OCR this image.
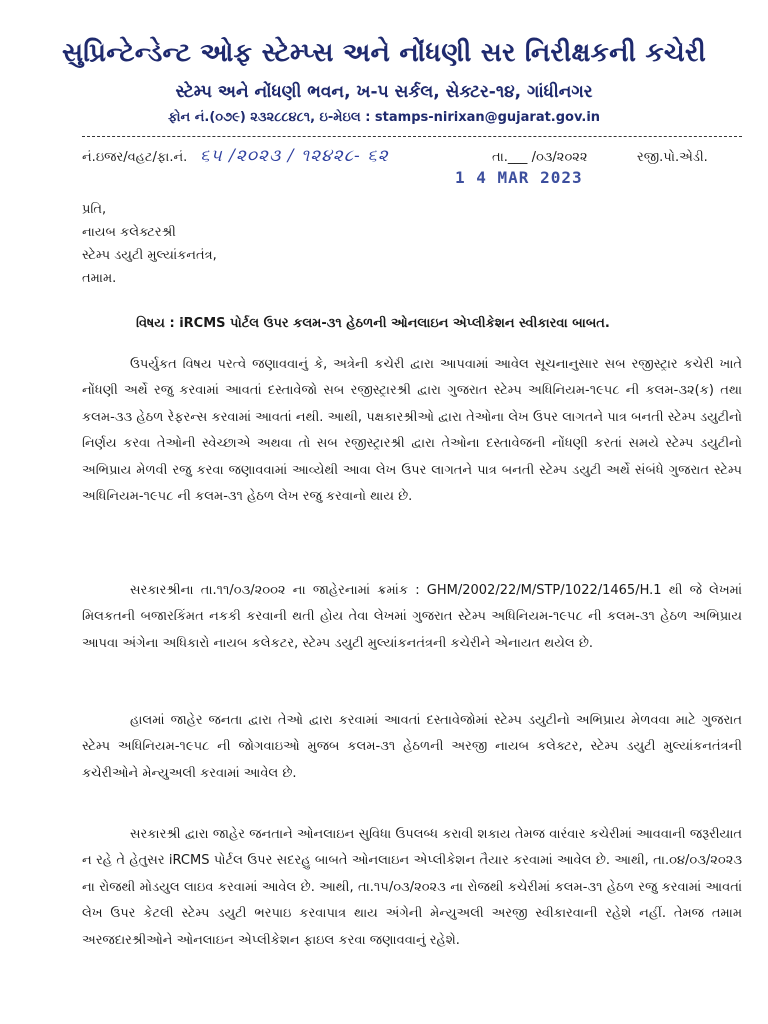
સુપ્રિન્ટેન્ડેન્ટ ઓફ સ્ટેમ્પ્સ અને નોંધણી સર નિરીક્ષકની કચેરી
સ્ટેમ્પ અને નોંધણી ભવન, ખ-૫ સર્કલ, સેક્ટર-૧૪, ગાંધીનગર
ફોન નં.(૦૭૯) ૨૩૨૮૮૪૮૧, ઇ-મેઇલ : stamps-nirixan@gujarat.gov.in
નં.ઇજર/વહટ/ફા.નં. ૬૫ /૨૦૨૩ / ૧૨૪૨૮- ૬૨	તા.___ /૦૩/૨૦૨૨	રજી.પો.એડી.
1 4 MAR 2023
પ્રતિ,
નાયબ કલેક્ટરશ્રી
સ્ટેમ્પ ડયુટી મુલ્યાંકનતંત્ર,
તમામ.
વિષય : iRCMS પોર્ટલ ઉપર કલમ-૩૧ હેઠળની ઓનલાઇન એપ્લીકેશન સ્વીકારવા બાબત.

ઉપર્યુકત વિષય પરત્વે જણાવવાનું કે, અત્રેની કચેરી દ્વારા આપવામાં આવેલ સૂચનાનુસાર સબ રજીસ્ટ્રાર કચેરી ખાતે નોંધણી અર્થે રજુ કરવામાં આવતાં દસ્તાવેજો સબ રજીસ્ટ્રારશ્રી દ્વારા ગુજરાત સ્ટેમ્પ અધિનિયમ-૧૯૫૮ ની કલમ-૩૨(ક) તથા કલમ-૩૩ હેઠળ રેફરન્સ કરવામાં આવતાં નથી. આથી, પક્ષકારશ્રીઓ દ્વારા તેઓના લેખ ઉપર લાગતને પાત્ર બનતી સ્ટેમ્પ ડયુટીનો નિર્ણય કરવા તેઓની સ્વેચ્છાએ અથવા તો સબ રજીસ્ટ્રારશ્રી દ્વારા તેઓના દસ્તાવેજની નોંધણી કરતાં સમયે સ્ટેમ્પ ડયુટીનો અભિપ્રાય મેળવી રજુ કરવા જણાવવામાં આવ્યેથી આવા લેખ ઉપર લાગતને પાત્ર બનતી સ્ટેમ્પ ડયુટી અર્થે સંબંધે ગુજરાત સ્ટેમ્પ અધિનિયમ-૧૯૫૮ ની કલમ-૩૧ હેઠળ લેખ રજુ કરવાનો થાય છે.

સરકારશ્રીના તા.૧૧/૦૩/૨૦૦૨ ના જાહેરનામાં ક્રમાંક : GHM/2002/22/M/STP/1022/1465/H.1 થી જે લેખમાં મિલકતની બજારકિંમત નકકી કરવાની થતી હોય તેવા લેખમાં ગુજરાત સ્ટેમ્પ અધિનિયમ-૧૯૫૮ ની કલમ-૩૧ હેઠળ અભિપ્રાય આપવા અંગેના અધિકારો નાયબ કલેકટર, સ્ટેમ્પ ડયુટી મુલ્યાંકનતંત્રની કચેરીને એનાયત થયેલ છે.

હાલમાં જાહેર જનતા દ્વારા તેઓ દ્વારા કરવામાં આવતાં દસ્તાવેજોમાં સ્ટેમ્પ ડયુટીનો અભિપ્રાય મેળવવા માટે ગુજરાત સ્ટેમ્પ અધિનિયમ-૧૯૫૮ ની જોગવાઇઓ મુજબ કલમ-૩૧ હેઠળની અરજી નાયબ કલેક્ટર, સ્ટેમ્પ ડયુટી મુલ્યાંકનતંત્રની કચેરીઓને મેન્યુઅલી કરવામાં આવેલ છે.

સરકારશ્રી દ્વારા જાહેર જનતાને ઓનલાઇન સુવિધા ઉપલબ્ધ કરાવી શકાય તેમજ વારંવાર કચેરીમાં આવવાની જરૂરીયાત ન રહે તે હેતુસર iRCMS પોર્ટલ ઉપર સદરહુ બાબતે ઓનલાઇન એપ્લીકેશન તૈયાર કરવામાં આવેલ છે. આથી, તા.૦૪/૦૩/૨૦૨૩ ના રોજથી મોડયુલ લાઇવ કરવામાં આવેલ છે. આથી, તા.૧૫/૦૩/૨૦૨૩ ના રોજથી કચેરીમાં કલમ-૩૧ હેઠળ રજુ કરવામાં આવતાં લેખ ઉપર કેટલી સ્ટેમ્પ ડયુટી ભરપાઇ કરવાપાત્ર થાય અંગેની મેન્યુઅલી અરજી સ્વીકારવાની રહેશે નહીં. તેમજ તમામ અરજદારશ્રીઓને ઓનલાઇન એપ્લીકેશન ફાઇલ કરવા જણાવવાનું રહેશે.
